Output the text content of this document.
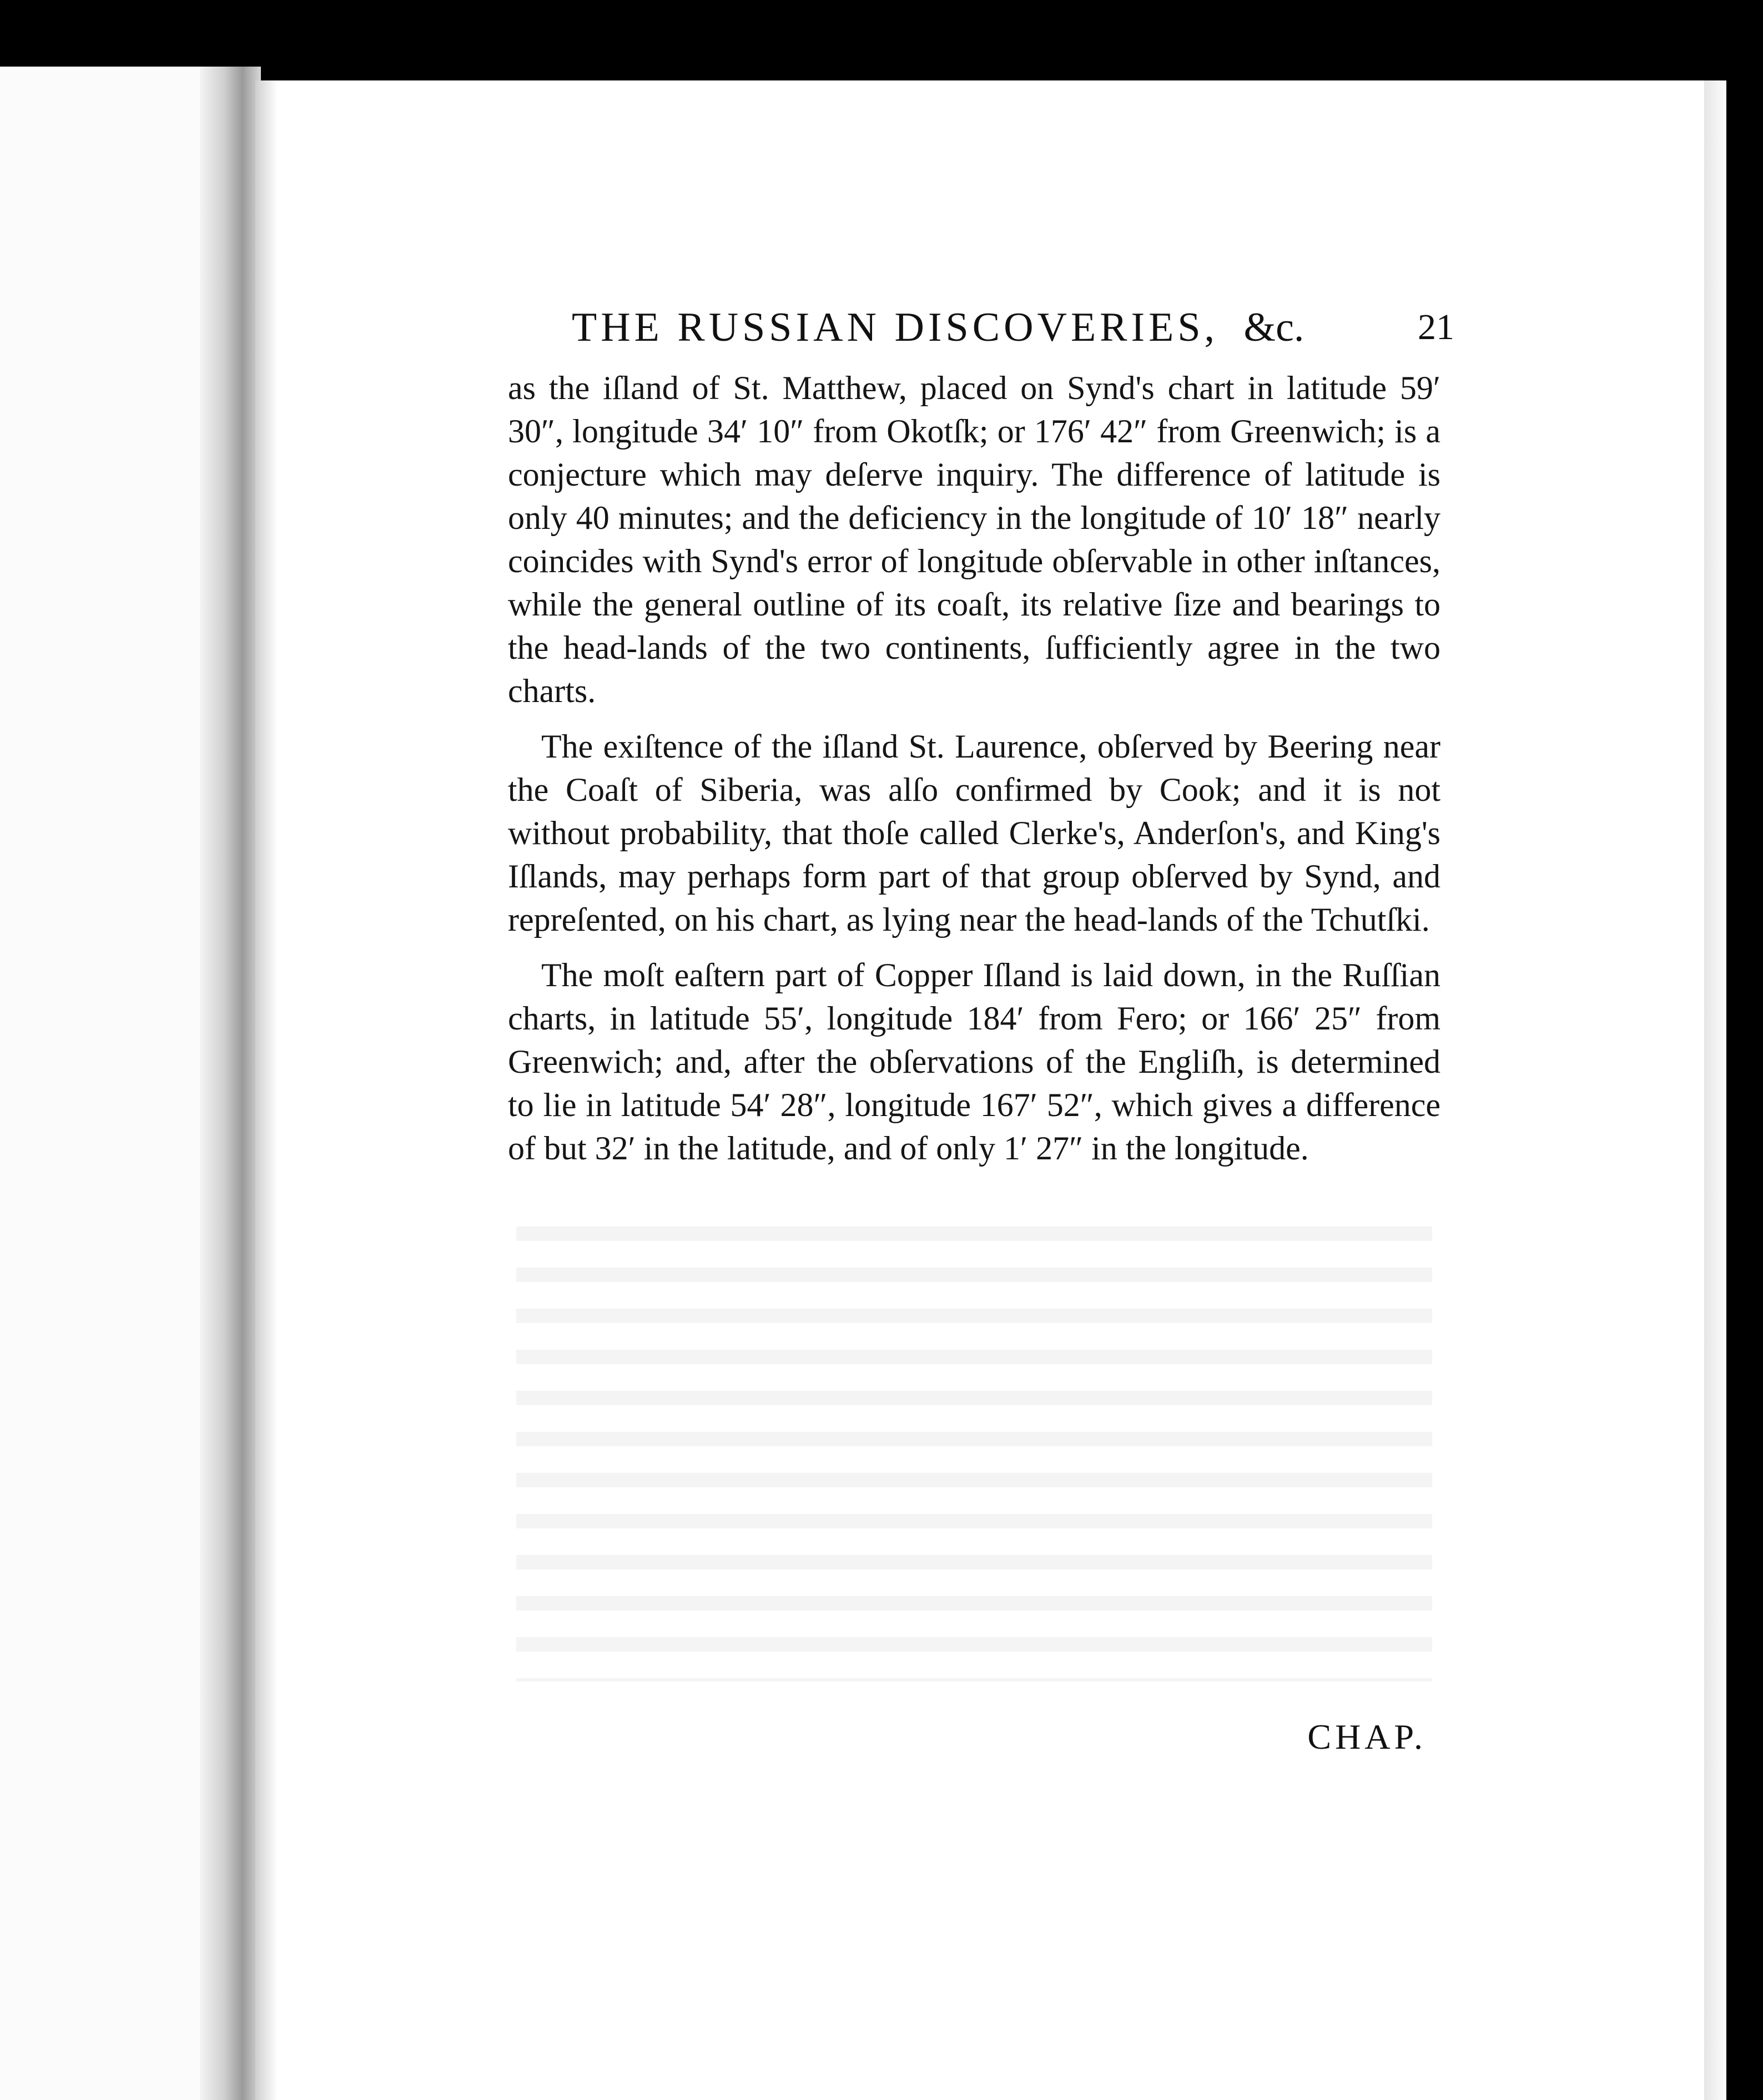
THE RUSSIAN DISCOVERIES, &c.	21

as the iſland of St. Matthew, placed on Synd's chart in latitude 59′ 30″, longitude 34′ 10″ from Okotſk; or 176′ 42″ from Greenwich; is a conjecture which may deſerve inquiry. The difference of latitude is only 40 minutes; and the deficiency in the longitude of 10′ 18″ nearly coincides with Synd's error of longitude obſervable in other inſtances, while the general outline of its coaſt, its relative ſize and bearings to the head-lands of the two continents, ſufficiently agree in the two charts.

The exiſtence of the iſland St. Laurence, obſerved by Beering near the Coaſt of Siberia, was alſo confirmed by Cook; and it is not without probability, that thoſe called Clerke's, Anderſon's, and King's Iſlands, may perhaps form part of that group obſerved by Synd, and repreſented, on his chart, as lying near the head-lands of the Tchutſki.

The moſt eaſtern part of Copper Iſland is laid down, in the Ruſſian charts, in latitude 55′, longitude 184′ from Fero; or 166′ 25″ from Greenwich; and, after the obſervations of the Engliſh, is determined to lie in latitude 54′ 28″, longitude 167′ 52″, which gives a difference of but 32′ in the latitude, and of only 1′ 27″ in the longitude.

CHAP.
